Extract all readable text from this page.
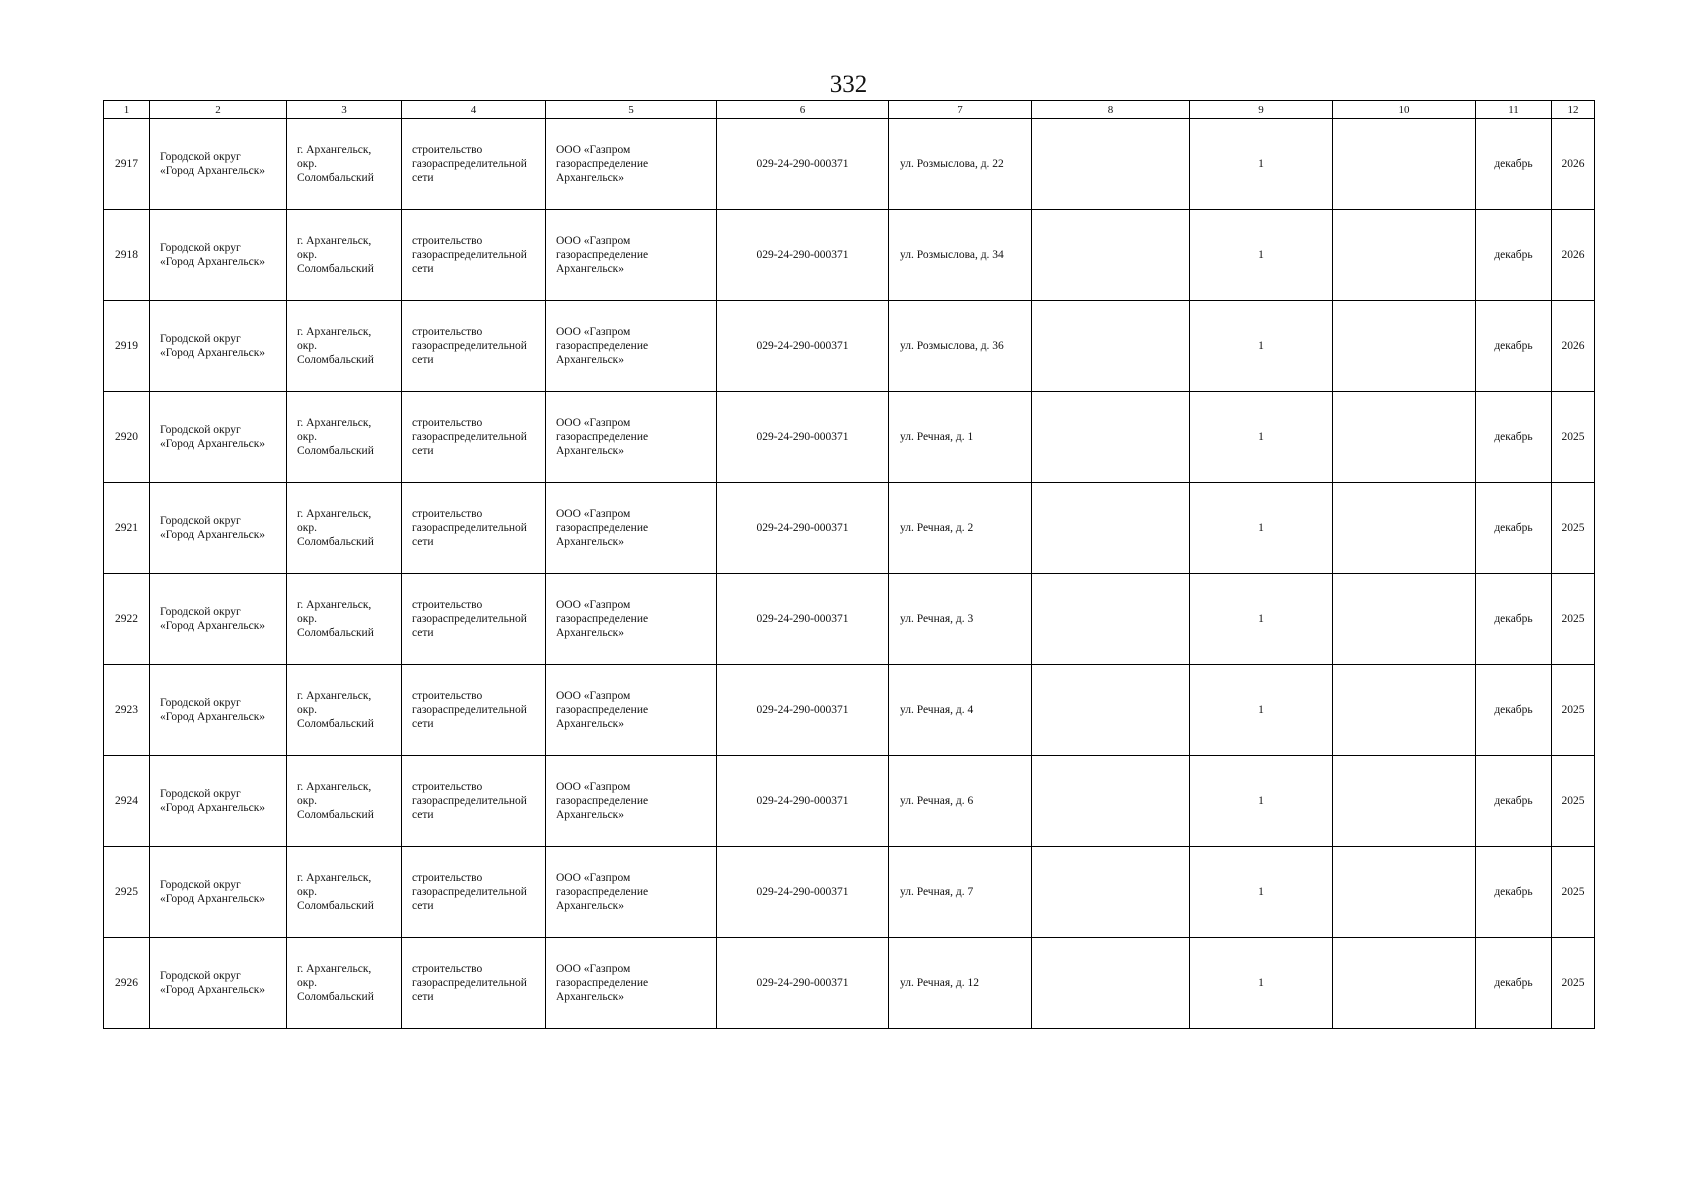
332
1	2	3	4	5	6	7	8	9	10	11	12
2917	Городской округ
«Город Архангельск»	г. Архангельск,
окр.
Соломбальский	строительство
газораспределительной
сети	ООО «Газпром
газораспределение
Архангельск»	029-24-290-000371	ул. Розмыслова, д. 22		1		декабрь	2026
2918	Городской округ
«Город Архангельск»	г. Архангельск,
окр.
Соломбальский	строительство
газораспределительной
сети	ООО «Газпром
газораспределение
Архангельск»	029-24-290-000371	ул. Розмыслова, д. 34		1		декабрь	2026
2919	Городской округ
«Город Архангельск»	г. Архангельск,
окр.
Соломбальский	строительство
газораспределительной
сети	ООО «Газпром
газораспределение
Архангельск»	029-24-290-000371	ул. Розмыслова, д. 36		1		декабрь	2026
2920	Городской округ
«Город Архангельск»	г. Архангельск,
окр.
Соломбальский	строительство
газораспределительной
сети	ООО «Газпром
газораспределение
Архангельск»	029-24-290-000371	ул. Речная, д. 1		1		декабрь	2025
2921	Городской округ
«Город Архангельск»	г. Архангельск,
окр.
Соломбальский	строительство
газораспределительной
сети	ООО «Газпром
газораспределение
Архангельск»	029-24-290-000371	ул. Речная, д. 2		1		декабрь	2025
2922	Городской округ
«Город Архангельск»	г. Архангельск,
окр.
Соломбальский	строительство
газораспределительной
сети	ООО «Газпром
газораспределение
Архангельск»	029-24-290-000371	ул. Речная, д. 3		1		декабрь	2025
2923	Городской округ
«Город Архангельск»	г. Архангельск,
окр.
Соломбальский	строительство
газораспределительной
сети	ООО «Газпром
газораспределение
Архангельск»	029-24-290-000371	ул. Речная, д. 4		1		декабрь	2025
2924	Городской округ
«Город Архангельск»	г. Архангельск,
окр.
Соломбальский	строительство
газораспределительной
сети	ООО «Газпром
газораспределение
Архангельск»	029-24-290-000371	ул. Речная, д. 6		1		декабрь	2025
2925	Городской округ
«Город Архангельск»	г. Архангельск,
окр.
Соломбальский	строительство
газораспределительной
сети	ООО «Газпром
газораспределение
Архангельск»	029-24-290-000371	ул. Речная, д. 7		1		декабрь	2025
2926	Городской округ
«Город Архангельск»	г. Архангельск,
окр.
Соломбальский	строительство
газораспределительной
сети	ООО «Газпром
газораспределение
Архангельск»	029-24-290-000371	ул. Речная, д. 12		1		декабрь	2025
